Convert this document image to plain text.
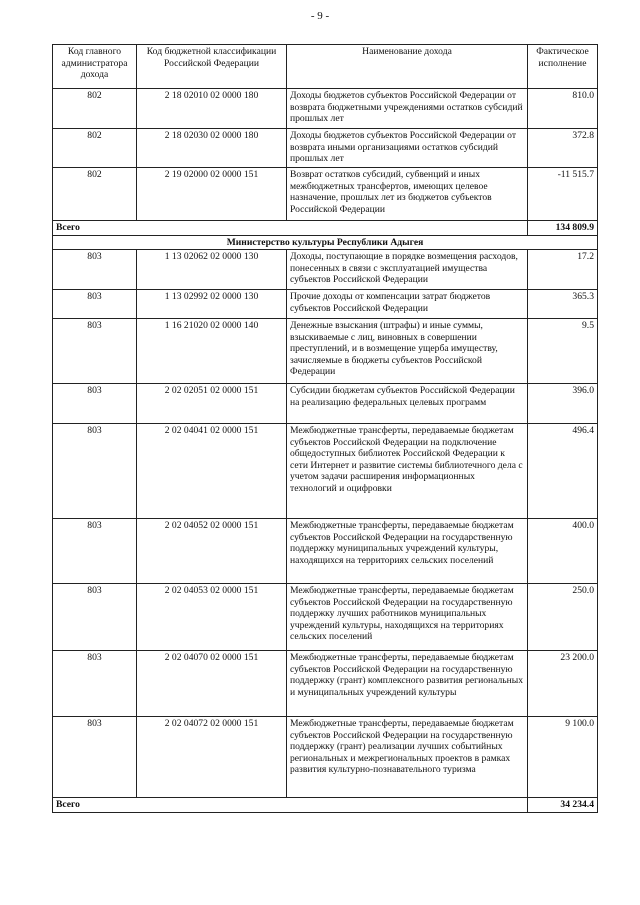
- 9 -
Код главного администратора дохода	Код бюджетной классификации Российской Федерации	Наименование дохода	Фактическое исполнение
802	2 18 02010 02 0000 180	Доходы бюджетов субъектов Российской Федерации от возврата бюджетными учреждениями остатков субсидий прошлых лет	810.0
802	2 18 02030 02 0000 180	Доходы бюджетов субъектов Российской Федерации от возврата иными организациями остатков субсидий прошлых лет	372.8
802	2 19 02000 02 0000 151	Возврат остатков субсидий, субвенций и иных межбюджетных трансфертов, имеющих целевое назначение, прошлых лет из бюджетов субъектов Российской Федерации	-11 515.7
Всего			134 809.9
Министерство культуры Республики Адыгея			
803	1 13 02062 02 0000 130	Доходы, поступающие в порядке возмещения расходов, понесенных в связи с эксплуатацией имущества субъектов Российской Федерации	17.2
803	1 13 02992 02 0000 130	Прочие доходы от компенсации затрат бюджетов субъектов Российской Федерации	365.3
803	1 16 21020 02 0000 140	Денежные взыскания (штрафы) и иные суммы, взыскиваемые с лиц, виновных в совершении преступлений, и в возмещение ущерба имуществу, зачисляемые в бюджеты субъектов Российской Федерации	9.5
803	2 02 02051 02 0000 151	Субсидии бюджетам субъектов Российской Федерации на реализацию федеральных целевых программ	396.0
803	2 02 04041 02 0000 151	Межбюджетные трансферты, передаваемые бюджетам субъектов Российской Федерации на подключение общедоступных библиотек Российской Федерации к сети Интернет и развитие системы библиотечного дела с учетом задачи расширения информационных технологий и оцифровки	496.4
803	2 02 04052 02 0000 151	Межбюджетные трансферты, передаваемые бюджетам субъектов Российской Федерации на государственную поддержку муниципальных учреждений культуры, находящихся на территориях сельских поселений	400.0
803	2 02 04053 02 0000 151	Межбюджетные трансферты, передаваемые бюджетам субъектов Российской Федерации на государственную поддержку лучших работников муниципальных учреждений культуры, находящихся на территориях сельских поселений	250.0
803	2 02 04070 02 0000 151	Межбюджетные трансферты, передаваемые бюджетам субъектов Российской Федерации на государственную поддержку (грант) комплексного развития региональных и муниципальных учреждений культуры	23 200.0
803	2 02 04072 02 0000 151	Межбюджетные трансферты, передаваемые бюджетам субъектов Российской Федерации на государственную поддержку (грант) реализации лучших событийных региональных и межрегиональных проектов в рамках развития культурно-познавательного туризма	9 100.0
Всего			34 234.4
